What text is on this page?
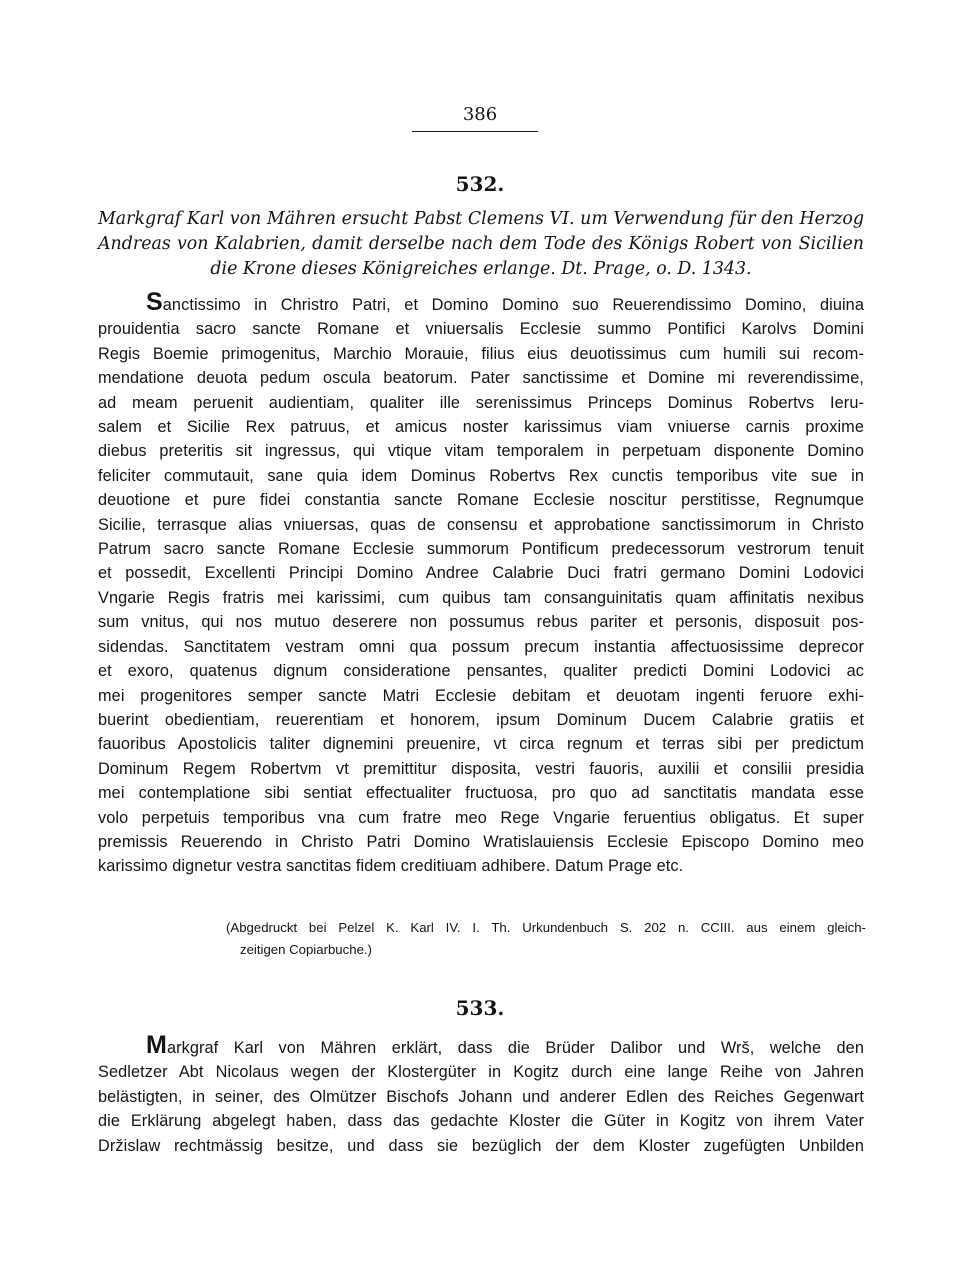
386
532.
Markgraf Karl von Mähren ersucht Pabst Clemens VI. um Verwendung für den Herzog
Andreas von Kalabrien, damit derselbe nach dem Tode des Königs Robert von Sicilien
die Krone dieses Königreiches erlange. Dt. Prage, o. D. 1343.
Sanctissimo in Christro Patri, et Domino Domino suo Reuerendissimo Domino, diuina
prouidentia sacro sancte Romane et vniuersalis Ecclesie summo Pontifici Karolvs Domini
Regis Boemie primogenitus, Marchio Morauie, filius eius deuotissimus cum humili sui recom-
mendatione deuota pedum oscula beatorum. Pater sanctissime et Domine mi reverendissime,
ad meam peruenit audientiam, qualiter ille serenissimus Princeps Dominus Robertvs Ieru-
salem et Sicilie Rex patruus, et amicus noster karissimus viam vniuerse carnis proxime
diebus preteritis sit ingressus, qui vtique vitam temporalem in perpetuam disponente Domino
feliciter commutauit, sane quia idem Dominus Robertvs Rex cunctis temporibus vite sue in
deuotione et pure fidei constantia sancte Romane Ecclesie noscitur perstitisse, Regnumque
Sicilie, terrasque alias vniuersas, quas de consensu et approbatione sanctissimorum in Christo
Patrum sacro sancte Romane Ecclesie summorum Pontificum predecessorum vestrorum tenuit
et possedit, Excellenti Principi Domino Andree Calabrie Duci fratri germano Domini Lodovici
Vngarie Regis fratris mei karissimi, cum quibus tam consanguinitatis quam affinitatis nexibus
sum vnitus, qui nos mutuo deserere non possumus rebus pariter et personis, disposuit pos-
sidendas. Sanctitatem vestram omni qua possum precum instantia affectuosissime deprecor
et exoro, quatenus dignum consideratione pensantes, qualiter predicti Domini Lodovici ac
mei progenitores semper sancte Matri Ecclesie debitam et deuotam ingenti feruore exhi-
buerint obedientiam, reuerentiam et honorem, ipsum Dominum Ducem Calabrie gratiis et
fauoribus Apostolicis taliter dignemini preuenire, vt circa regnum et terras sibi per predictum
Dominum Regem Robertvm vt premittitur disposita, vestri fauoris, auxilii et consilii presidia
mei contemplatione sibi sentiat effectualiter fructuosa, pro quo ad sanctitatis mandata esse
volo perpetuis temporibus vna cum fratre meo Rege Vngarie feruentius obligatus. Et super
premissis Reuerendo in Christo Patri Domino Wratislauiensis Ecclesie Episcopo Domino meo
karissimo dignetur vestra sanctitas fidem creditiuam adhibere. Datum Prage etc.
(Abgedruckt bei Pelzel K. Karl IV. I. Th. Urkundenbuch S. 202 n. CCIII. aus einem gleich-
zeitigen Copiarbuche.)
533.
Markgraf Karl von Mähren erklärt, dass die Brüder Dalibor und Wrš, welche den
Sedletzer Abt Nicolaus wegen der Klostergüter in Kogitz durch eine lange Reihe von Jahren
belästigten, in seiner, des Olmützer Bischofs Johann und anderer Edlen des Reiches Gegenwart
die Erklärung abgelegt haben, dass das gedachte Kloster die Güter in Kogitz von ihrem Vater
Držislaw rechtmässig besitze, und dass sie bezüglich der dem Kloster zugefügten Unbilden
